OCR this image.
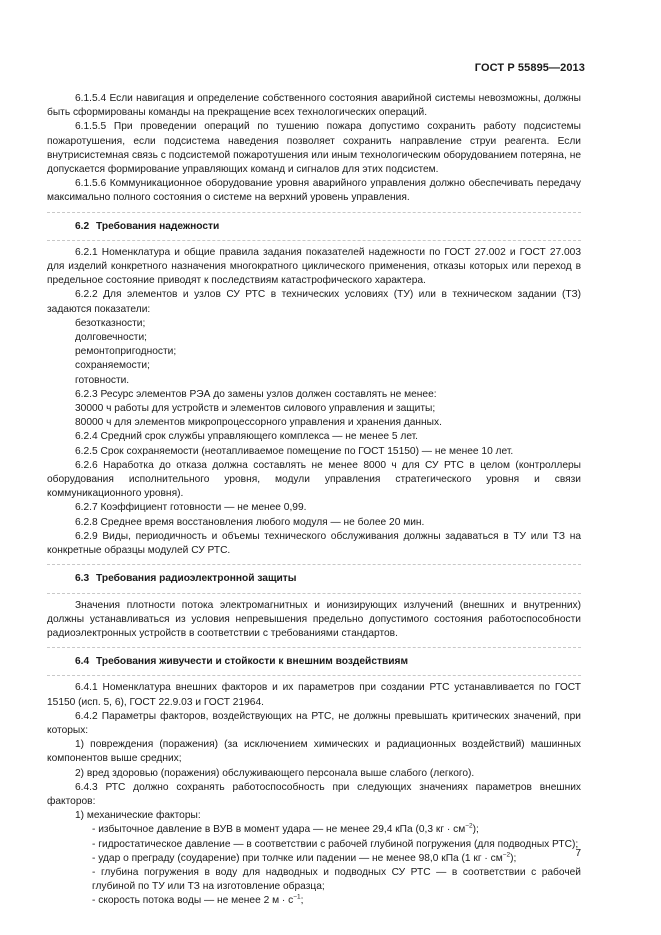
ГОСТ Р 55895—2013

6.1.5.4 Если навигация и определение собственного состояния аварийной системы невозможны, должны быть сформированы команды на прекращение всех технологических операций.

6.1.5.5 При проведении операций по тушению пожара допустимо сохранить работу подсистемы пожаротушения, если подсистема наведения позволяет сохранить направление струи реагента. Если внутрисистемная связь с подсистемой пожаротушения или иным технологическим оборудованием потеряна, не допускается формирование управляющих команд и сигналов для этих подсистем.

6.1.5.6 Коммуникационное оборудование уровня аварийного управления должно обеспечивать передачу максимально полного состояния о системе на верхний уровень управления.

6.2 Требования надежности

6.2.1 Номенклатура и общие правила задания показателей надежности по ГОСТ 27.002 и ГОСТ 27.003 для изделий конкретного назначения многократного циклического применения, отказы которых или переход в предельное состояние приводят к последствиям катастрофического характера.

6.2.2 Для элементов и узлов СУ РТС в технических условиях (ТУ) или в техническом задании (ТЗ) задаются показатели:

безотказности;

долговечности;

ремонтопригодности;

сохраняемости;

готовности.

6.2.3 Ресурс элементов РЭА до замены узлов должен составлять не менее:

30000 ч работы для устройств и элементов силового управления и защиты;

80000 ч для элементов микропроцессорного управления и хранения данных.

6.2.4 Средний срок службы управляющего комплекса — не менее 5 лет.

6.2.5 Срок сохраняемости (неотапливаемое помещение по ГОСТ 15150) — не менее 10 лет.

6.2.6 Наработка до отказа должна составлять не менее 8000 ч для СУ РТС в целом (контроллеры оборудования исполнительного уровня, модули управления стратегического уровня и связи коммуникационного уровня).

6.2.7 Коэффициент готовности — не менее 0,99.

6.2.8 Среднее время восстановления любого модуля — не более 20 мин.

6.2.9 Виды, периодичность и объемы технического обслуживания должны задаваться в ТУ или ТЗ на конкретные образцы модулей СУ РТС.

6.3 Требования радиоэлектронной защиты

Значения плотности потока электромагнитных и ионизирующих излучений (внешних и внутренних) должны устанавливаться из условия непревышения предельно допустимого состояния работоспособности радиоэлектронных устройств в соответствии с требованиями стандартов.

6.4 Требования живучести и стойкости к внешним воздействиям

6.4.1 Номенклатура внешних факторов и их параметров при создании РТС устанавливается по ГОСТ 15150 (исп. 5, 6), ГОСТ 22.9.03 и ГОСТ 21964.

6.4.2 Параметры факторов, воздействующих на РТС, не должны превышать критических значений, при которых:

1) повреждения (поражения) (за исключением химических и радиационных воздействий) машинных компонентов выше средних;

2) вред здоровью (поражения) обслуживающего персонала выше слабого (легкого).

6.4.3 РТС должно сохранять работоспособность при следующих значениях параметров внешних факторов:

1) механические факторы:

- избыточное давление в ВУВ в момент удара — не менее 29,4 кПа (0,3 кг · $см^{-2}$);

- гидростатическое давление — в соответствии с рабочей глубиной погружения (для подводных РТС);

- удар о преграду (соударение) при толчке или падении — не менее 98,0 кПа (1 кг · $см^{-2}$);

- глубина погружения в воду для надводных и подводных СУ РТС — в соответствии с рабочей глубиной по ТУ или ТЗ на изготовление образца;

- скорость потока воды — не менее 2 $м \cdot с^{-1}$;

7
